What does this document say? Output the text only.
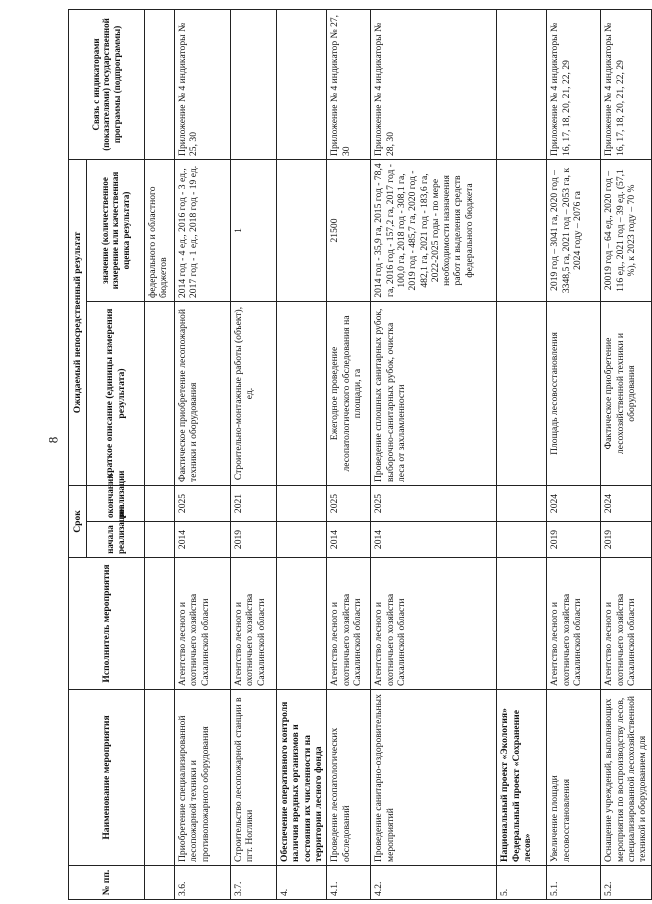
8
№ пп.	Наименование мероприятия	Исполнитель мероприятия	Срок		Ожидаемый непосредственный результат		Связь с индикаторами (показателями) государственной программы (подпрограммы)
			начала реализации	окончания реализации	краткое описание (единицы измерения результата)	значение (количественное измерение или качественная оценка результата)	

						федерального и областного бюджетов	
3.6.	Приобретение специализированной лесопожарной техники и противопожарного оборудования	Агентство лесного и охотничьего хозяйства Сахалинской области	2014	2025	Фактическое приобретение лесопожарной техники и оборудования	2014 год - 4 ед., 2016 год - 3 ед., 2017 год - 1 ед., 2018 год - 19 ед.	Приложение № 4 индикаторы № 25, 30
3.7.	Строительство лесопожарной станции в пгт. Ноглики	Агентство лесного и охотничьего хозяйства Сахалинской области	2019	2021	Строительно-монтажные работы (объект), ед.	1	
4.	Обеспечение оперативного контроля наличия вредных организмов и состояния их численности на территории лесного фонда						
4.1.	Проведение лесопатологических обследований	Агентство лесного и охотничьего хозяйства Сахалинской области	2014	2025	Ежегодное проведение лесопатологического обследования на площади, га	21500	Приложение № 4 индикатор № 27, 30
4.2.	Проведение санитарно-оздоровительных мероприятий	Агентство лесного и охотничьего хозяйства Сахалинской области	2014	2025	Проведение сплошных санитарных рубок, выборочно-санитарных рубок, очистка леса от захламленности	2014 год - 35,9 га, 2015 год - 78,4 га, 2016 год - 157,2 га, 2017 год - 100,0 га, 2018 год - 308,1 га, 2019 год - 485,7 га, 2020 год - 482,1 га, 2021 год - 183,6 га, 2022-2025 годы - по мере необходимости назначения работ и выделения средств федерального бюджета	Приложение № 4 индикаторы № 28, 30
5.	Национальный проект «Экология» Федеральный проект «Сохранение лесов»						
5.1.	Увеличение площади лесовосстановления	Агентство лесного и охотничьего хозяйства Сахалинской области	2019	2024	Площадь лесовосстановления	2019 год – 3041 га, 2020 год – 3348,5 га, 2021 год – 2053 га, к 2024 году – 2076 га	Приложение № 4 индикаторы № 16, 17, 18, 20, 21, 22, 29
5.2.	Оснащение учреждений, выполняющих мероприятия по воспроизводству лесов, специализированной лесохозяйственной техникой и оборудованием для	Агентство лесного и охотничьего хозяйства Сахалинской области	2019	2024	Фактическое приобретение лесохозяйственной техники и оборудования	20019 год – 64 ед., 2020 год – 116 ед., 2021 год – 39 ед. (57,1 %), к 2023 году – 70 %	Приложение № 4 индикаторы № 16, 17, 18, 20, 21, 22, 29
